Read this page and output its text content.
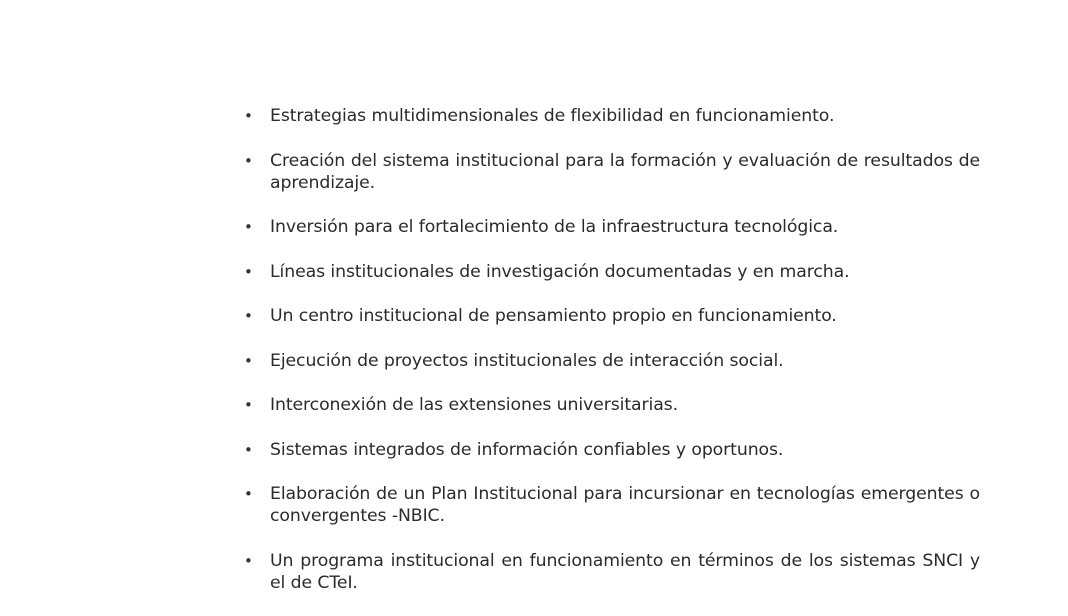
• Estrategias multidimensionales de flexibilidad en funcionamiento.
• Creación del sistema institucional para la formación y evaluación de resultados de aprendizaje.
• Inversión para el fortalecimiento de la infraestructura tecnológica.
• Líneas institucionales de investigación documentadas y en marcha.
• Un centro institucional de pensamiento propio en funcionamiento.
• Ejecución de proyectos institucionales de interacción social.
• Interconexión de las extensiones universitarias.
• Sistemas integrados de información confiables y oportunos.
• Elaboración de un Plan Institucional para incursionar en tecnologías emergentes o convergentes -NBIC.
• Un programa institucional en funcionamiento en términos de los sistemas SNCI y el de CTeI.
